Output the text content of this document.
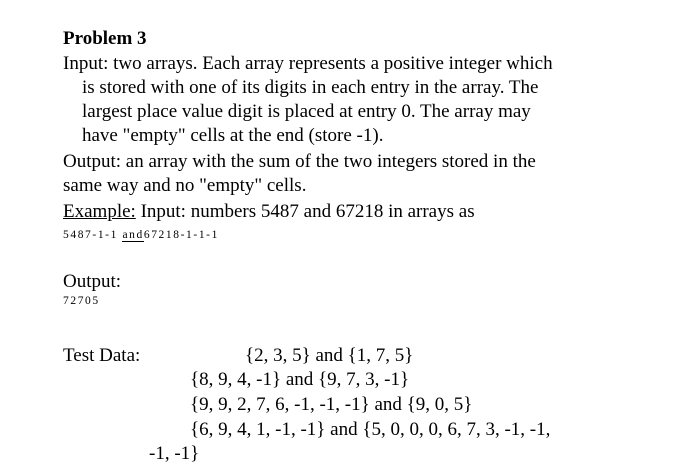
Problem 3
Input: two arrays. Each array represents a positive integer which
is stored with one of its digits in each entry in the array. The
largest place value digit is placed at entry 0. The array may
have "empty" cells at the end (store -1).
Output: an array with the sum of the two integers stored in the
same way and no "empty" cells.
Example: Input: numbers 5487 and 67218 in arrays as
5487-1-1 and67218-1-1-1
Output:
72705
Test Data:	{2, 3, 5} and {1, 7, 5}
{8, 9, 4, -1} and {9, 7, 3, -1}
{9, 9, 2, 7, 6, -1, -1, -1} and {9, 0, 5}
{6, 9, 4, 1, -1, -1} and {5, 0, 0, 0, 6, 7, 3, -1, -1,
-1, -1}
